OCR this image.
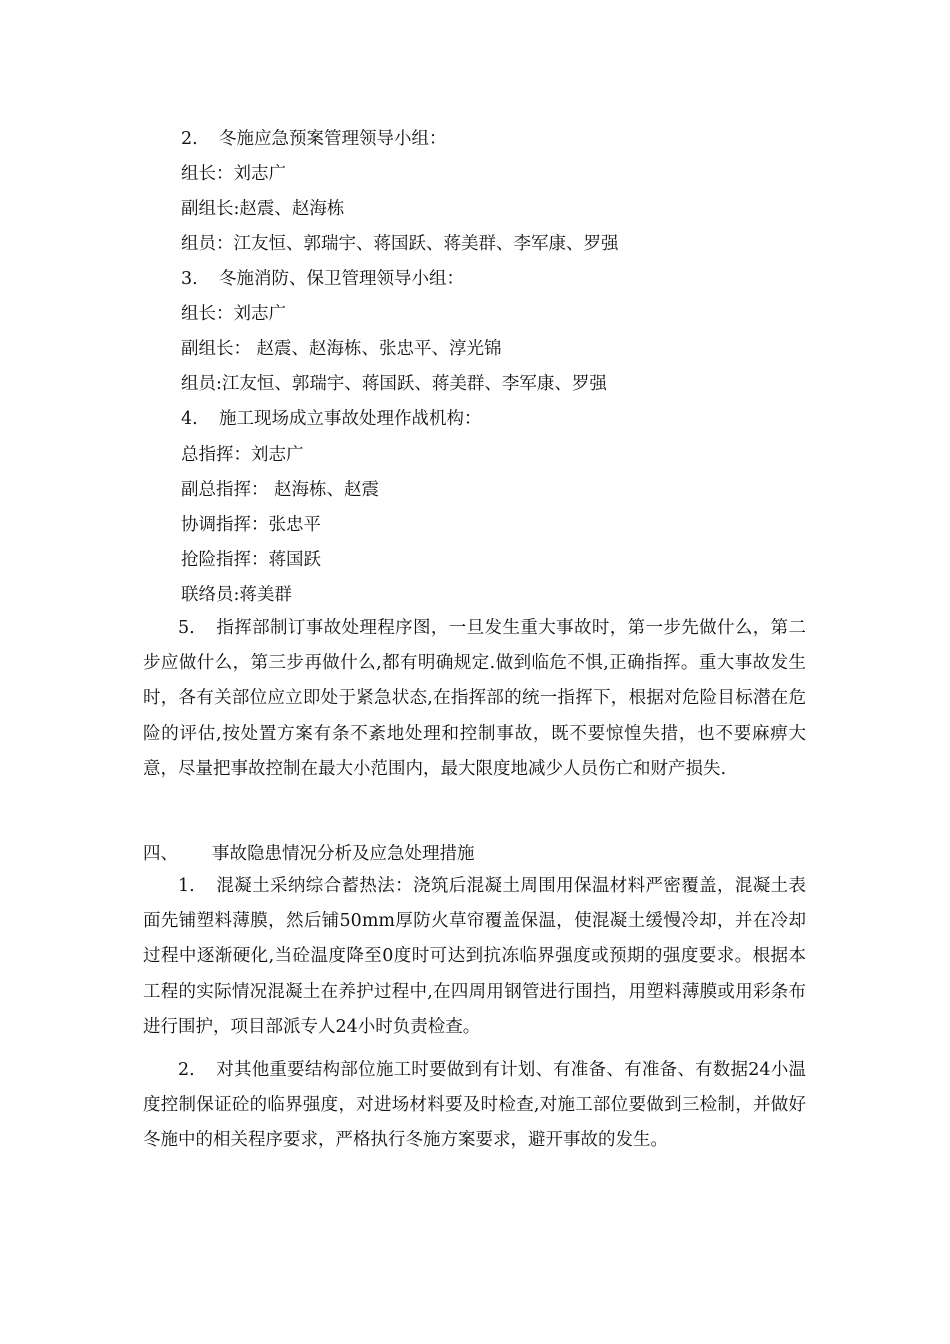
2. 冬施应急预案管理领导小组：
组长：刘志广
副组长:赵震、赵海栋
组员：江友恒、郭瑞宇、蒋国跃、蒋美群、李军康、罗强
3. 冬施消防、保卫管理领导小组：
组长：刘志广
副组长： 赵震、赵海栋、张忠平、淳光锦
组员:江友恒、郭瑞宇、蒋国跃、蒋美群、李军康、罗强
4. 施工现场成立事故处理作战机构：
总指挥：刘志广
副总指挥： 赵海栋、赵震
协调指挥：张忠平
抢险指挥：蒋国跃
联络员:蒋美群
5. 指挥部制订事故处理程序图，一旦发生重大事故时，第一步先做什么，第二步应做什么，第三步再做什么,都有明确规定.做到临危不惧,正确指挥。重大事故发生时，各有关部位应立即处于紧急状态,在指挥部的统一指挥下，根据对危险目标潜在危险的评估,按处置方案有条不紊地处理和控制事故，既不要惊惶失措，也不要麻痹大意，尽量把事故控制在最大小范围内，最大限度地减少人员伤亡和财产损失.
四、 事故隐患情况分析及应急处理措施
1. 混凝土采纳综合蓄热法：浇筑后混凝土周围用保温材料严密覆盖，混凝土表面先铺塑料薄膜，然后铺50mm厚防火草帘覆盖保温，使混凝土缓慢冷却，并在冷却过程中逐渐硬化,当砼温度降至0度时可达到抗冻临界强度或预期的强度要求。根据本工程的实际情况混凝土在养护过程中,在四周用钢管进行围挡，用塑料薄膜或用彩条布进行围护，项目部派专人24小时负责检查。
2. 对其他重要结构部位施工时要做到有计划、有准备、有准备、有数据24小温度控制保证砼的临界强度，对进场材料要及时检查,对施工部位要做到三检制，并做好冬施中的相关程序要求，严格执行冬施方案要求，避开事故的发生。
